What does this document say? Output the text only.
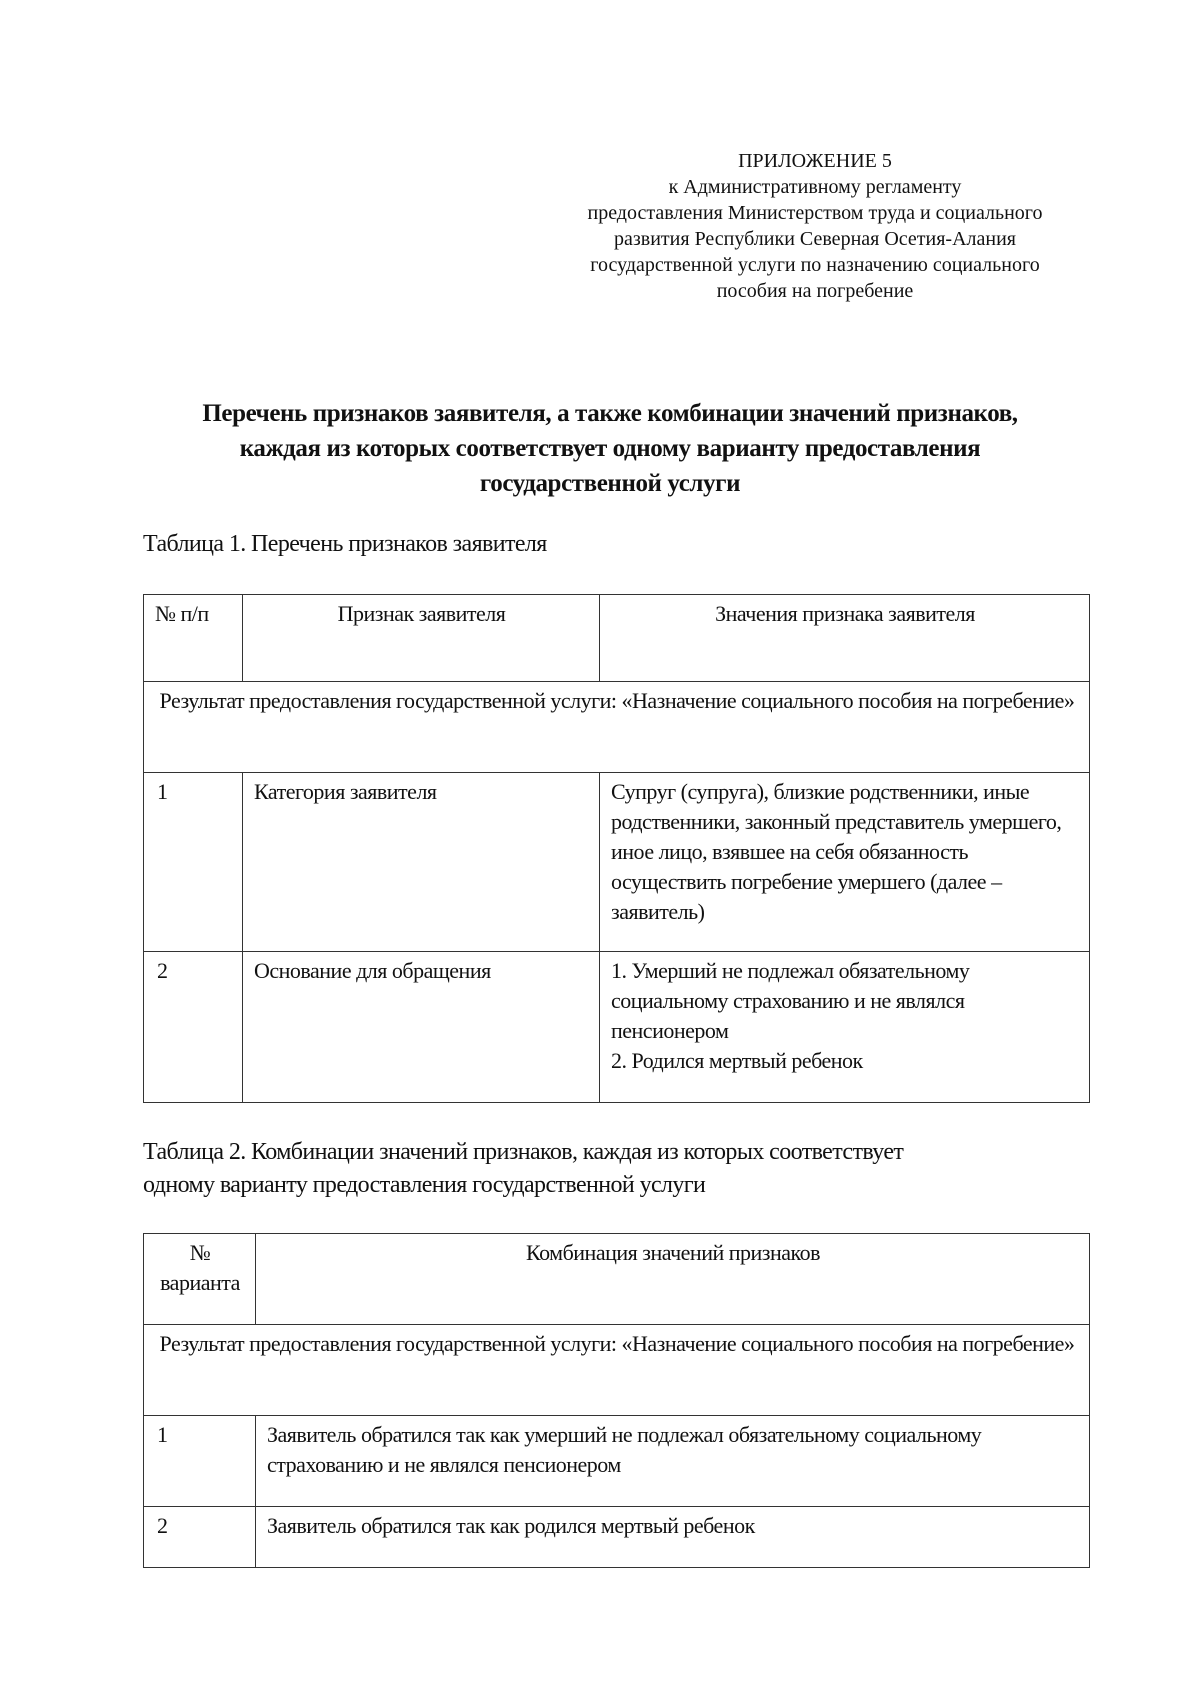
ПРИЛОЖЕНИЕ 5
к Административному регламенту
предоставления Министерством труда и социального
развития Республики Северная Осетия-Алания
государственной услуги по назначению социального
пособия на погребение
Перечень признаков заявителя, а также комбинации значений признаков,
каждая из которых соответствует одному варианту предоставления
государственной услуги
Таблица 1. Перечень признаков заявителя
№ п/п	Признак заявителя	Значения признака заявителя
Результат предоставления государственной услуги: «Назначение социального пособия на погребение»		
1	Категория заявителя	Супруг (супруга), близкие родственники, иные родственники, законный представитель умершего, иное лицо, взявшее на себя обязанность осуществить погребение умершего (далее – заявитель)
2	Основание для обращения	1. Умерший не подлежал обязательному социальному страхованию и не являлся пенсионером
2. Родился мертвый ребенок
Таблица 2. Комбинации значений признаков, каждая из которых соответствует
одному варианту предоставления государственной услуги
№ варианта	Комбинация значений признаков
Результат предоставления государственной услуги: «Назначение социального пособия на погребение»	
1	Заявитель обратился так как умерший не подлежал обязательному социальному страхованию и не являлся пенсионером
2	Заявитель обратился так как родился мертвый ребенок
